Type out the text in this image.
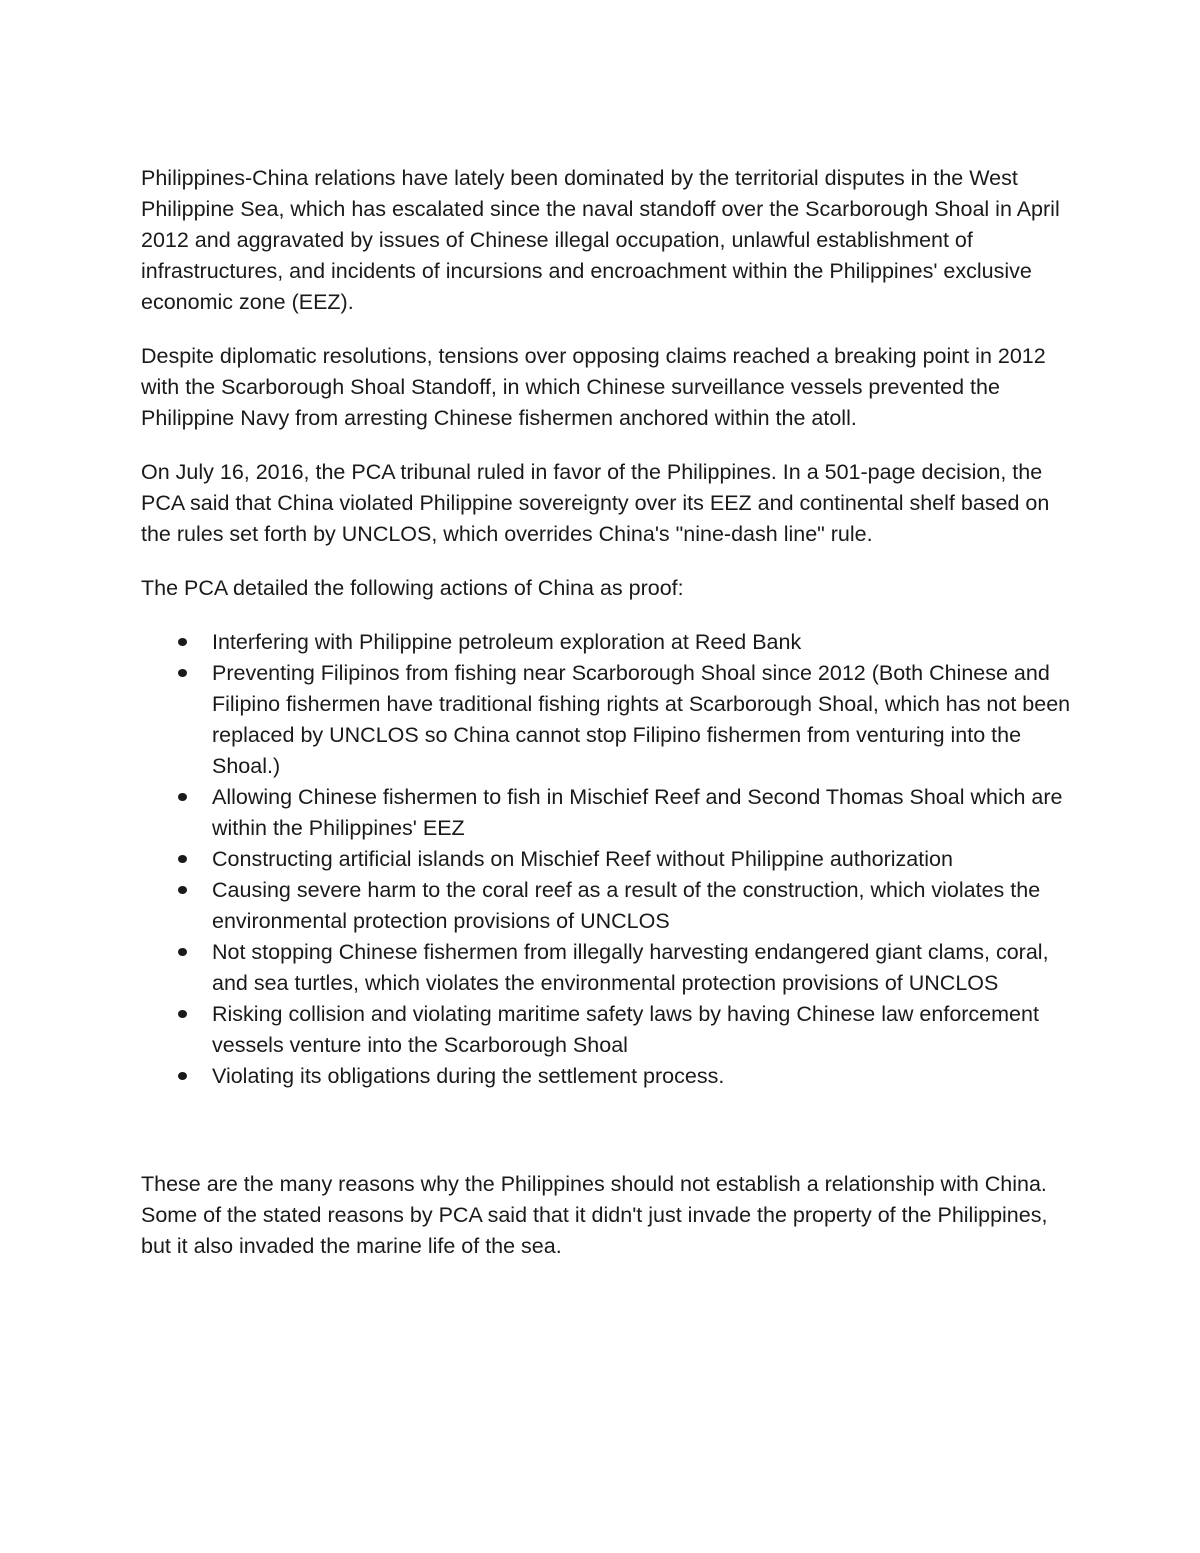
Philippines-China relations have lately been dominated by the territorial disputes in the West Philippine Sea, which has escalated since the naval standoff over the Scarborough Shoal in April 2012 and aggravated by issues of Chinese illegal occupation, unlawful establishment of infrastructures, and incidents of incursions and encroachment within the Philippines' exclusive economic zone (EEZ).

Despite diplomatic resolutions, tensions over opposing claims reached a breaking point in 2012 with the Scarborough Shoal Standoff, in which Chinese surveillance vessels prevented the Philippine Navy from arresting Chinese fishermen anchored within the atoll.

On July 16, 2016, the PCA tribunal ruled in favor of the Philippines. In a 501-page decision, the PCA said that China violated Philippine sovereignty over its EEZ and continental shelf based on the rules set forth by UNCLOS, which overrides China's "nine-dash line" rule.

The PCA detailed the following actions of China as proof:

Interfering with Philippine petroleum exploration at Reed Bank
Preventing Filipinos from fishing near Scarborough Shoal since 2012 (Both Chinese and Filipino fishermen have traditional fishing rights at Scarborough Shoal, which has not been replaced by UNCLOS so China cannot stop Filipino fishermen from venturing into the Shoal.)
Allowing Chinese fishermen to fish in Mischief Reef and Second Thomas Shoal which are within the Philippines' EEZ
Constructing artificial islands on Mischief Reef without Philippine authorization
Causing severe harm to the coral reef as a result of the construction, which violates the environmental protection provisions of UNCLOS
Not stopping Chinese fishermen from illegally harvesting endangered giant clams, coral, and sea turtles, which violates the environmental protection provisions of UNCLOS
Risking collision and violating maritime safety laws by having Chinese law enforcement vessels venture into the Scarborough Shoal
Violating its obligations during the settlement process.

These are the many reasons why the Philippines should not establish a relationship with China. Some of the stated reasons by PCA said that it didn't just invade the property of the Philippines, but it also invaded the marine life of the sea.
